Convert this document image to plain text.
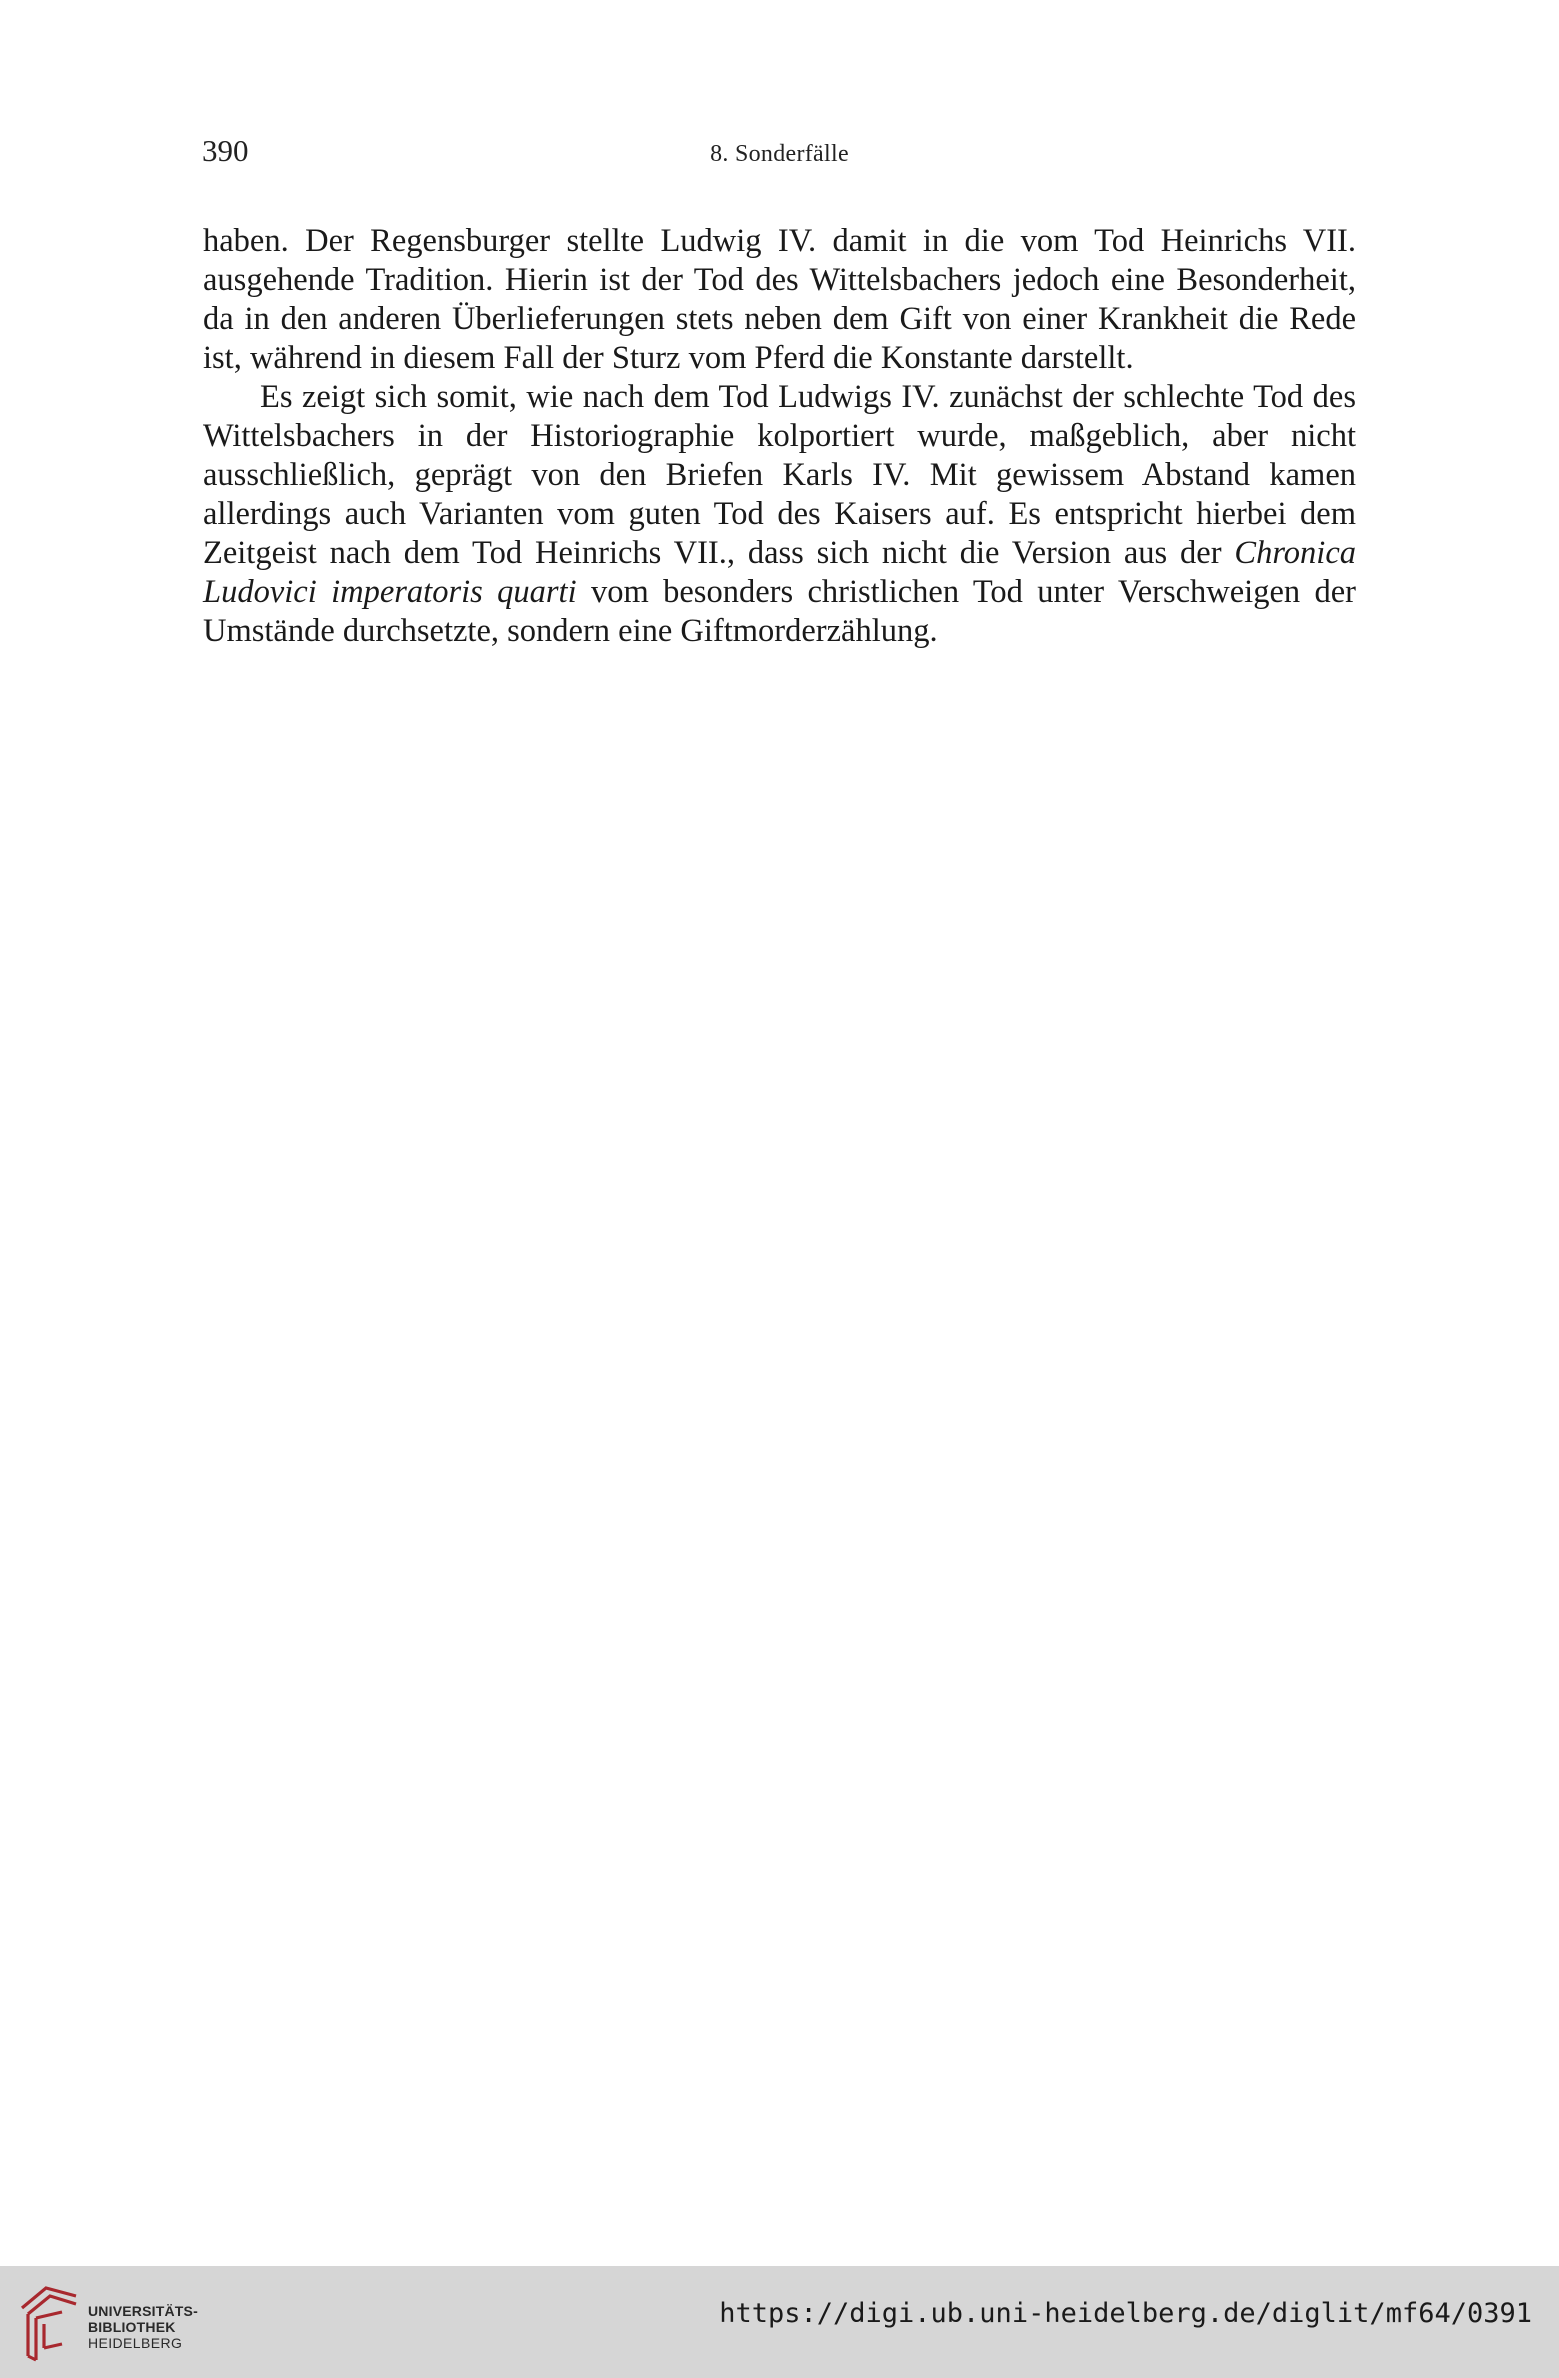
390	8. Sonderfälle

haben. Der Regensburger stellte Ludwig IV. damit in die vom Tod Heinrichs VII. ausgehende Tradition. Hierin ist der Tod des Wittelsbachers jedoch eine Besonderheit, da in den anderen Überlieferungen stets neben dem Gift von einer Krankheit die Rede ist, während in diesem Fall der Sturz vom Pferd die Konstante darstellt.

Es zeigt sich somit, wie nach dem Tod Ludwigs IV. zunächst der schlechte Tod des Wittelsbachers in der Historiographie kolportiert wurde, maßgeblich, aber nicht ausschließlich, geprägt von den Briefen Karls IV. Mit gewissem Abstand kamen allerdings auch Varianten vom guten Tod des Kaisers auf. Es entspricht hierbei dem Zeitgeist nach dem Tod Heinrichs VII., dass sich nicht die Version aus der Chronica Ludovici imperatoris quarti vom besonders christlichen Tod unter Verschweigen der Umstände durchsetzte, sondern eine Giftmorderzählung.

UNIVERSITÄTS-
BIBLIOTHEK
HEIDELBERG
https://digi.ub.uni-heidelberg.de/diglit/mf64/0391
